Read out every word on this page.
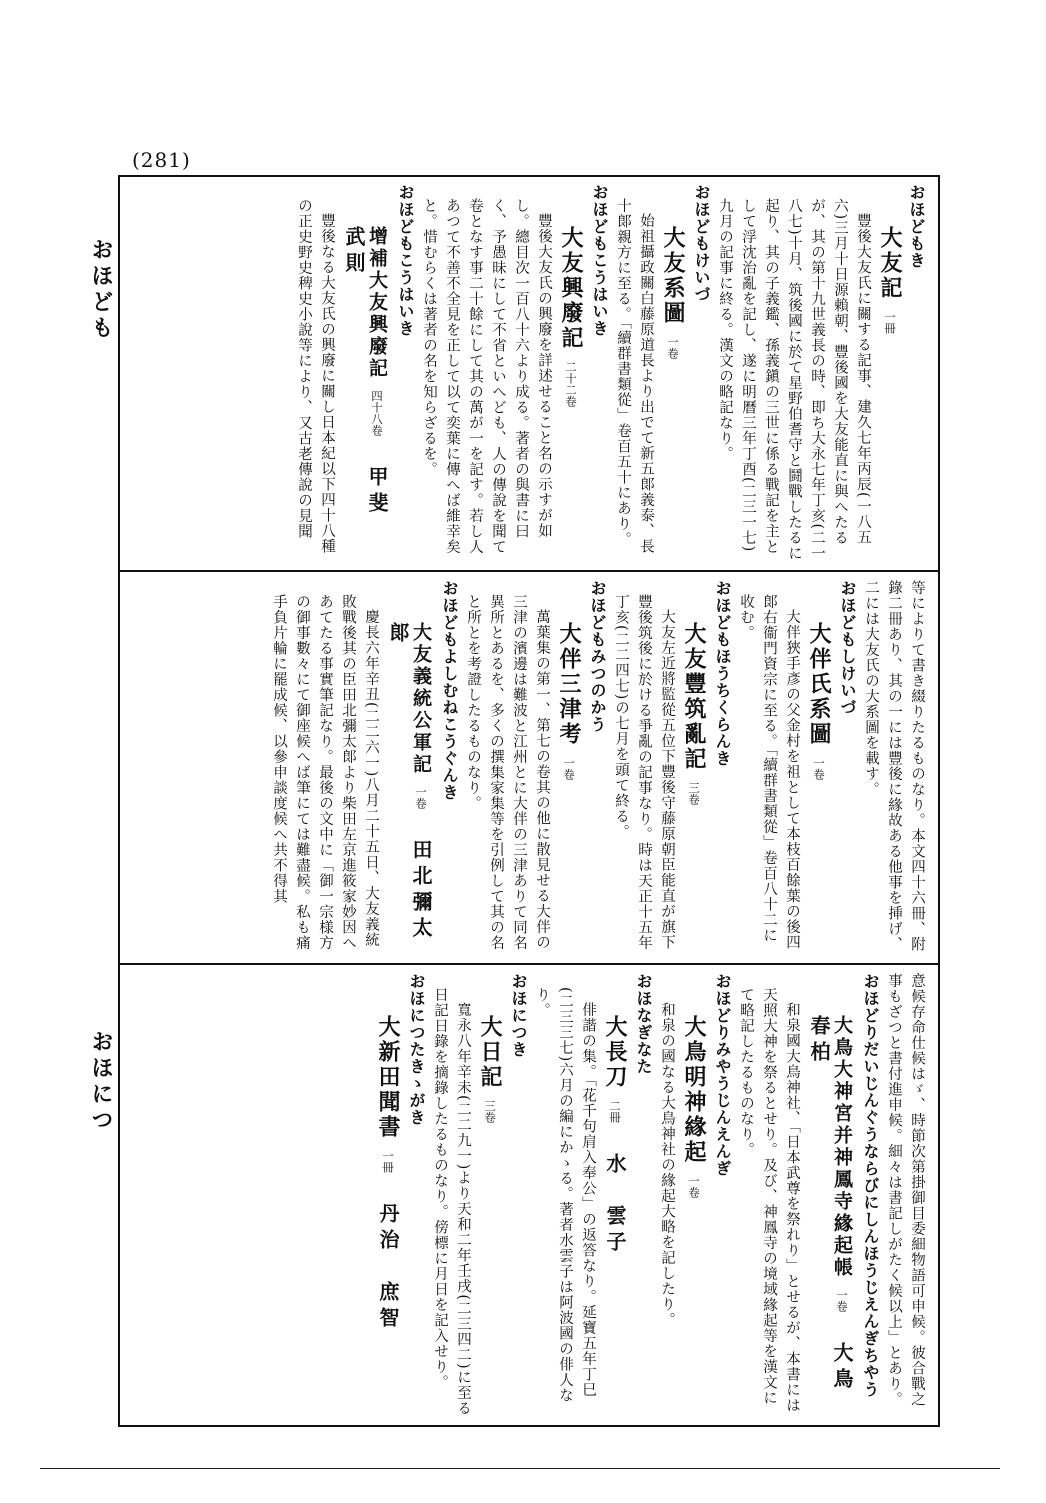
(281)
おほども
おほにつ
おほどもき
大友記一冊

豐後大友氏に關する記事、建久七年丙辰(一八五六)三月十日源賴朝、豐後國を大友能直に與へたるが、其の第十九世義長の時、即ち大永七年丁亥(二一八七)十月、筑後國に於て星野伯耆守と鬪戰したるに起り、其の子義鑑、孫義鎭の三世に係る戰記を主として浮沈治亂を記し、遂に明曆三年丁酉(二三一七)九月の記事に終る。漢文の略記なり。

おほどもけいづ
大友系圖一卷

始祖攝政關白藤原道長より出でて新五郞義泰、長十郞親方に至る。「續群書類從」卷百五十にあり。

おほどもこうはいき
大友興廢記二十二卷

豐後大友氏の興廢を詳述せること名の示すが如し。總目次一百八十六より成る。著者の與書に曰く、予愚昧にして不省といへども、人の傳說を聞て卷となす事二十餘にして其の萬が一を記す。若し人あつて不善不全見を正して以て奕葉に傳へば維幸矣と。惜むらくは著者の名を知らざるを。

おほどもこうはいき
增補大友興廢記四十八卷甲斐　武則

豐後なる大友氏の興廢に關し日本紀以下四十八種の正史野史稗史小說等により、又古老傳說の見聞

等によりて書き綴りたるものなり。本文四十六冊、附錄二冊あり、其の一には豐後に緣故ある他事を挿げ、二には大友氏の大系圖を載す。

おほどもしけいづ
大伴氏系圖一卷

大伴狹手彥の父金村を祖として本枝百餘葉の後四郞右衞門資宗に至る。「續群書類從」卷百八十二に收む。

おほどもほうちくらんき
大友豐筑亂記三卷

大友左近將監從五位下豐後守藤原朝臣能直が旗下豐後筑後に於ける爭亂の記事なり。時は天正十五年丁亥(二二四七)の七月を頭て終る。

おほどもみつのかう
大伴三津考一卷

萬葉集の第一、第七の卷其の他に散見せる大伴の三津の濱邊は難波と江州とに大伴の三津ありて同名異所とあるを、多くの撰集家集等を引例して其の名と所とを考證したるものなり。

おほどもよしむねこうぐんき
大友義統公軍記一卷田北彌太郞

慶長六年辛丑(二二六一)八月二十五日、大友義統敗戰後其の臣田北彌太郞より柴田左京進筱家妙因へあてたる事實筆記なり。最後の文中に「御一宗様方の御事數々にて御座候へば筆にては難盡候。私も痛手負片輪に罷成候、以參申談度候へ共不得其

意候存命仕候はゞ、時節次第掛御目委細物語可申候。彼合戰之事もざつと書付進申候。細々は書記しがたく候以上」とあり。

おほどりだいじんぐうならびにしんほうじえんぎちやう
大鳥大神宮并神鳳寺緣起帳一卷大鳥　春柏

和泉國大鳥神社、「日本武尊を祭れり」とせるが、本書には天照大神を祭るとせり。及び、神鳳寺の境域緣起等を漢文にて略記したるものなり。

おほどりみやうじんえんぎ
大鳥明神緣起一卷

和泉の國なる大鳥神社の緣起大略を記したり。

おほなぎなた
大長刀二冊水　雲子

俳諧の集。「花千句肩入奉公」の返答なり。延寶五年丁巳(二三三七)六月の編にかゝる。著者水雲子は阿波國の俳人なり。

おほにつき
大日記三卷

寬永八年辛未(二二九一)より天和二年壬戌(二三四二)に至る日記日錄を摘錄したるものなり。傍標に月日を記入せり。

おほにつたきゝがき
大新田聞書一冊丹治　庶智
